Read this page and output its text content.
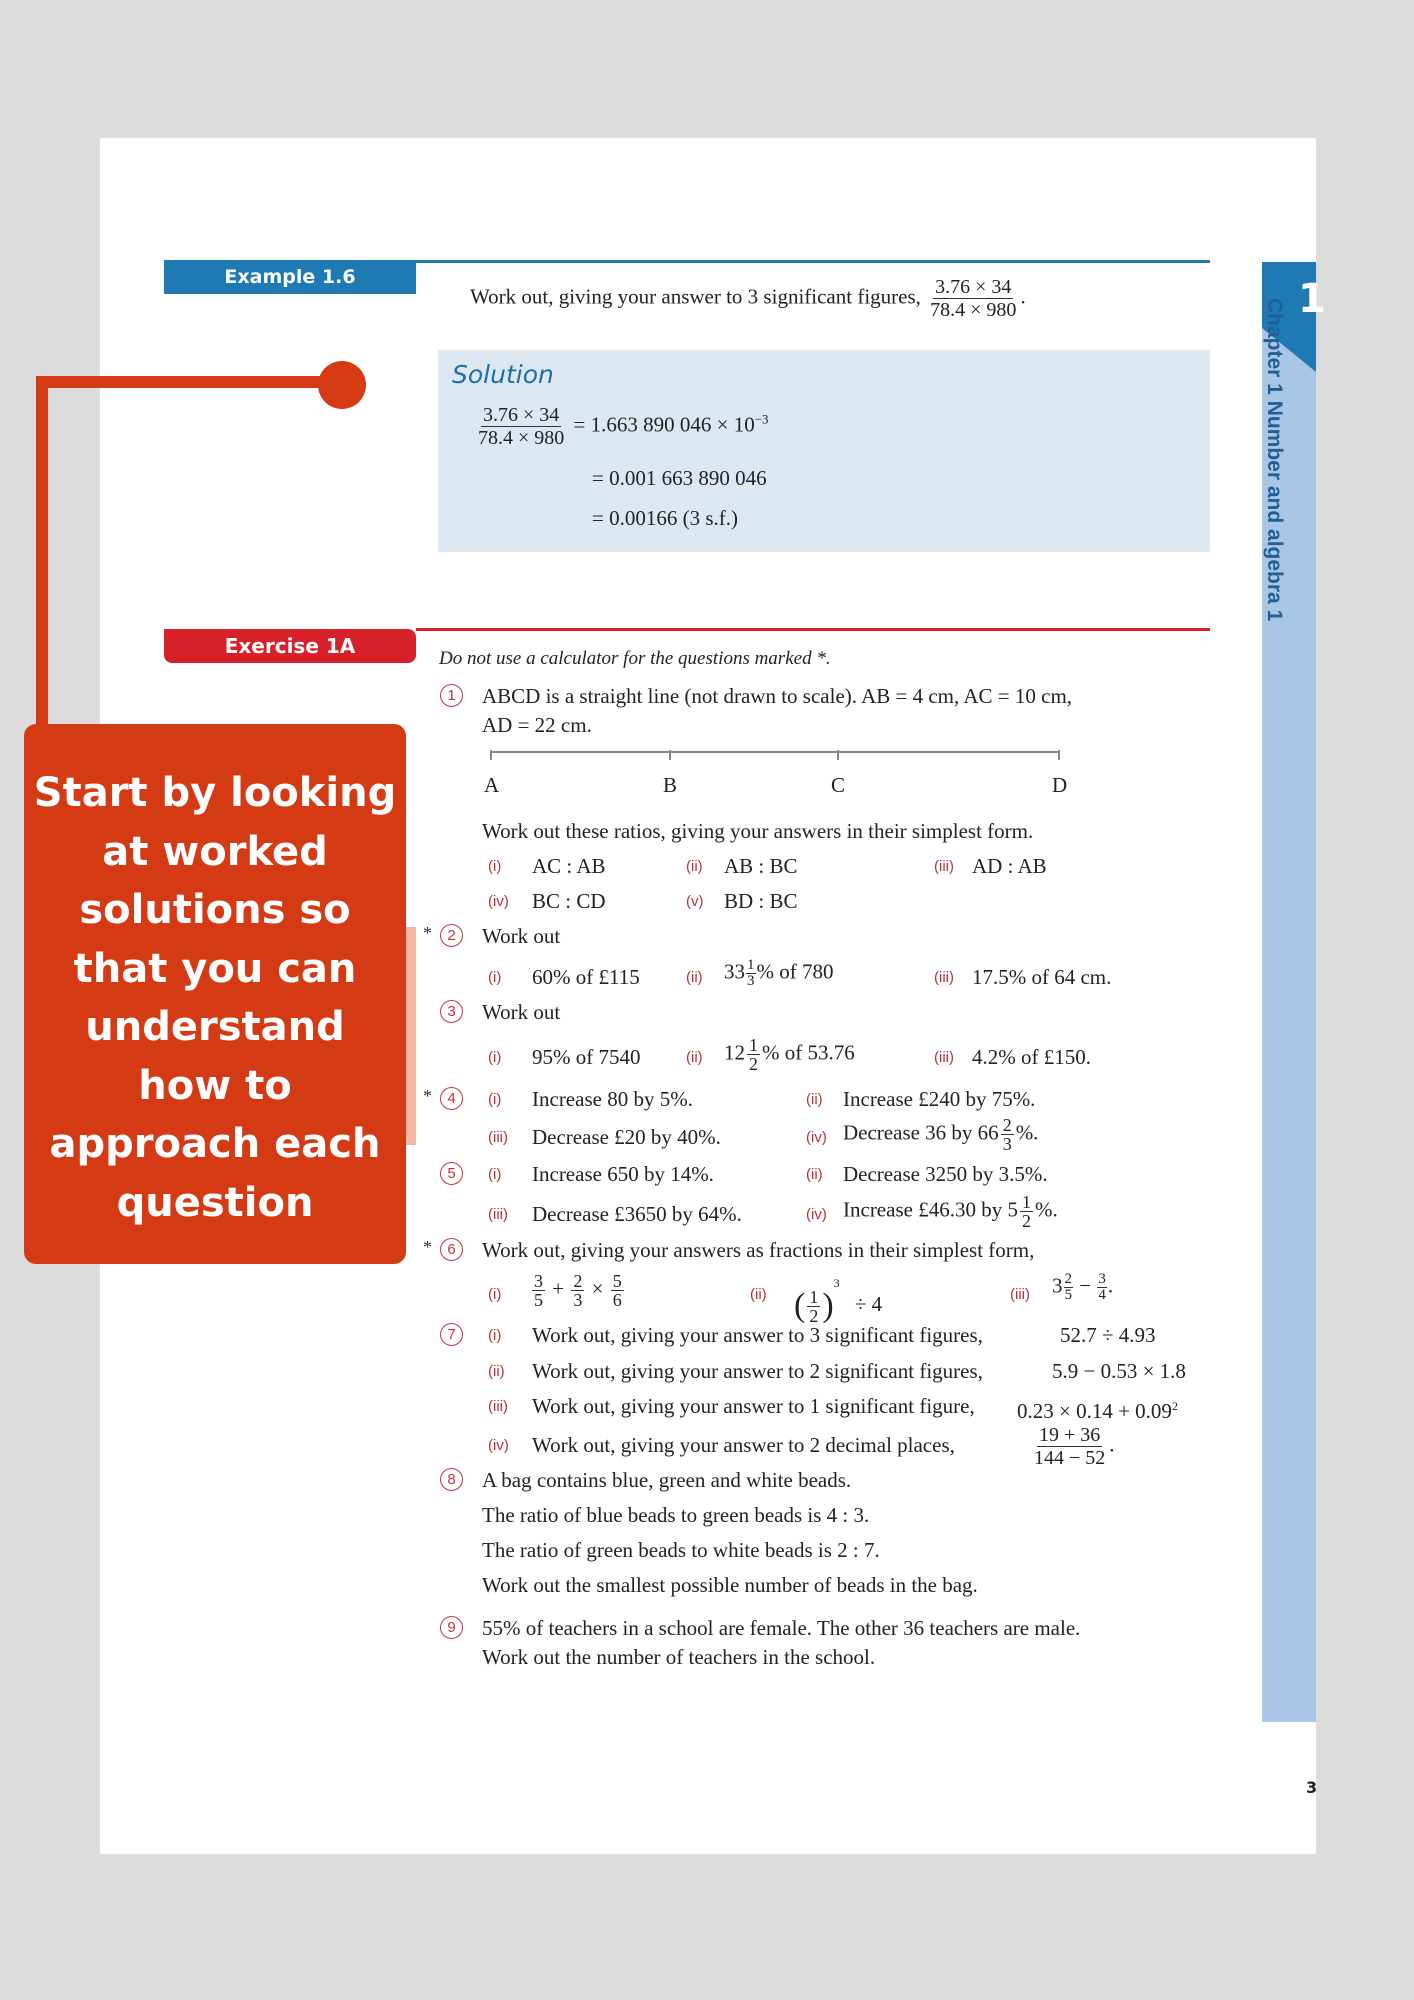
1
Chapter 1 Number and algebra 1
3
Example 1.6
Work out, giving your answer to 3 significant figures, $\frac{3.76 \times 34}{78.4 \times 980}$ .
Solution
$\frac{3.76 \times 34}{78.4 \times 980} = 1.663$ 890 $046 \times 10^{-3}$
= 0.001 663 890 046
= 0.00166 (3 s.f.)
Exercise 1A
Do not use a calculator for the questions marked *.
1	ABCD is a straight line (not drawn to scale). AB = 4 cm, AC = 10 cm,
AD = 22 cm.
A	B	C	D
Work out these ratios, giving your answers in their simplest form.
(i) AC : AB	(ii) AB : BC	(iii) AD : AB
(iv) BC : CD	(v) BD : BC
*	2	Work out
(i) 60% of £115	(ii) $33 \frac{1}{3}$ % of 780	(iii) 17.5% of 64 cm.
3	Work out
(i) 95% of 7540	(ii) $12 \frac{1}{2}$ % of 53.76	(iii) 4.2% of £150.
*	4	(i) Increase 80 by 5%.	(ii) Increase £240 by 75%.
(iii) Decrease £20 by 40%.	(iv) Decrease 36 by $66 \frac{2}{3}$ %.
5	(i) Increase 650 by 14%.	(ii) Decrease 3250 by 3.5%.
(iii) Decrease £3650 by 64%.	(iv) Increase £46.30 by $5 \frac{1}{2}$ %.
*	6	Work out, giving your answers as fractions in their simplest form,
$(i) \frac{3}{5} + \frac{2}{3} \times \frac{5}{6}$	(ii) ( $\frac{1}{2} )^3 \div 4$	(iii) $3 \frac{2}{5} - \frac{3}{4}$ .
7	(i) Work out, giving your answer to 3 significant figures,	52.7 ÷ 4.93
(ii) Work out, giving your answer to 2 significant figures,	5.9 − 0.53 × 1.8
(iii) Work out, giving your answer to 1 significant figure, $0.23 \times 0.14 + 0.09^2$
(iv) Work out, giving your answer to 2 decimal places,	$\frac{19 + 36}{144 - 52}$ .
8	A bag contains blue, green and white beads.
The ratio of blue beads to green beads is 4 : 3.
The ratio of green beads to white beads is 2 : 7.
Work out the smallest possible number of beads in the bag.
9	55% of teachers in a school are female. The other 36 teachers are male.
Work out the number of teachers in the school.
Start by looking at worked solutions so that you can understand how to approach each question
